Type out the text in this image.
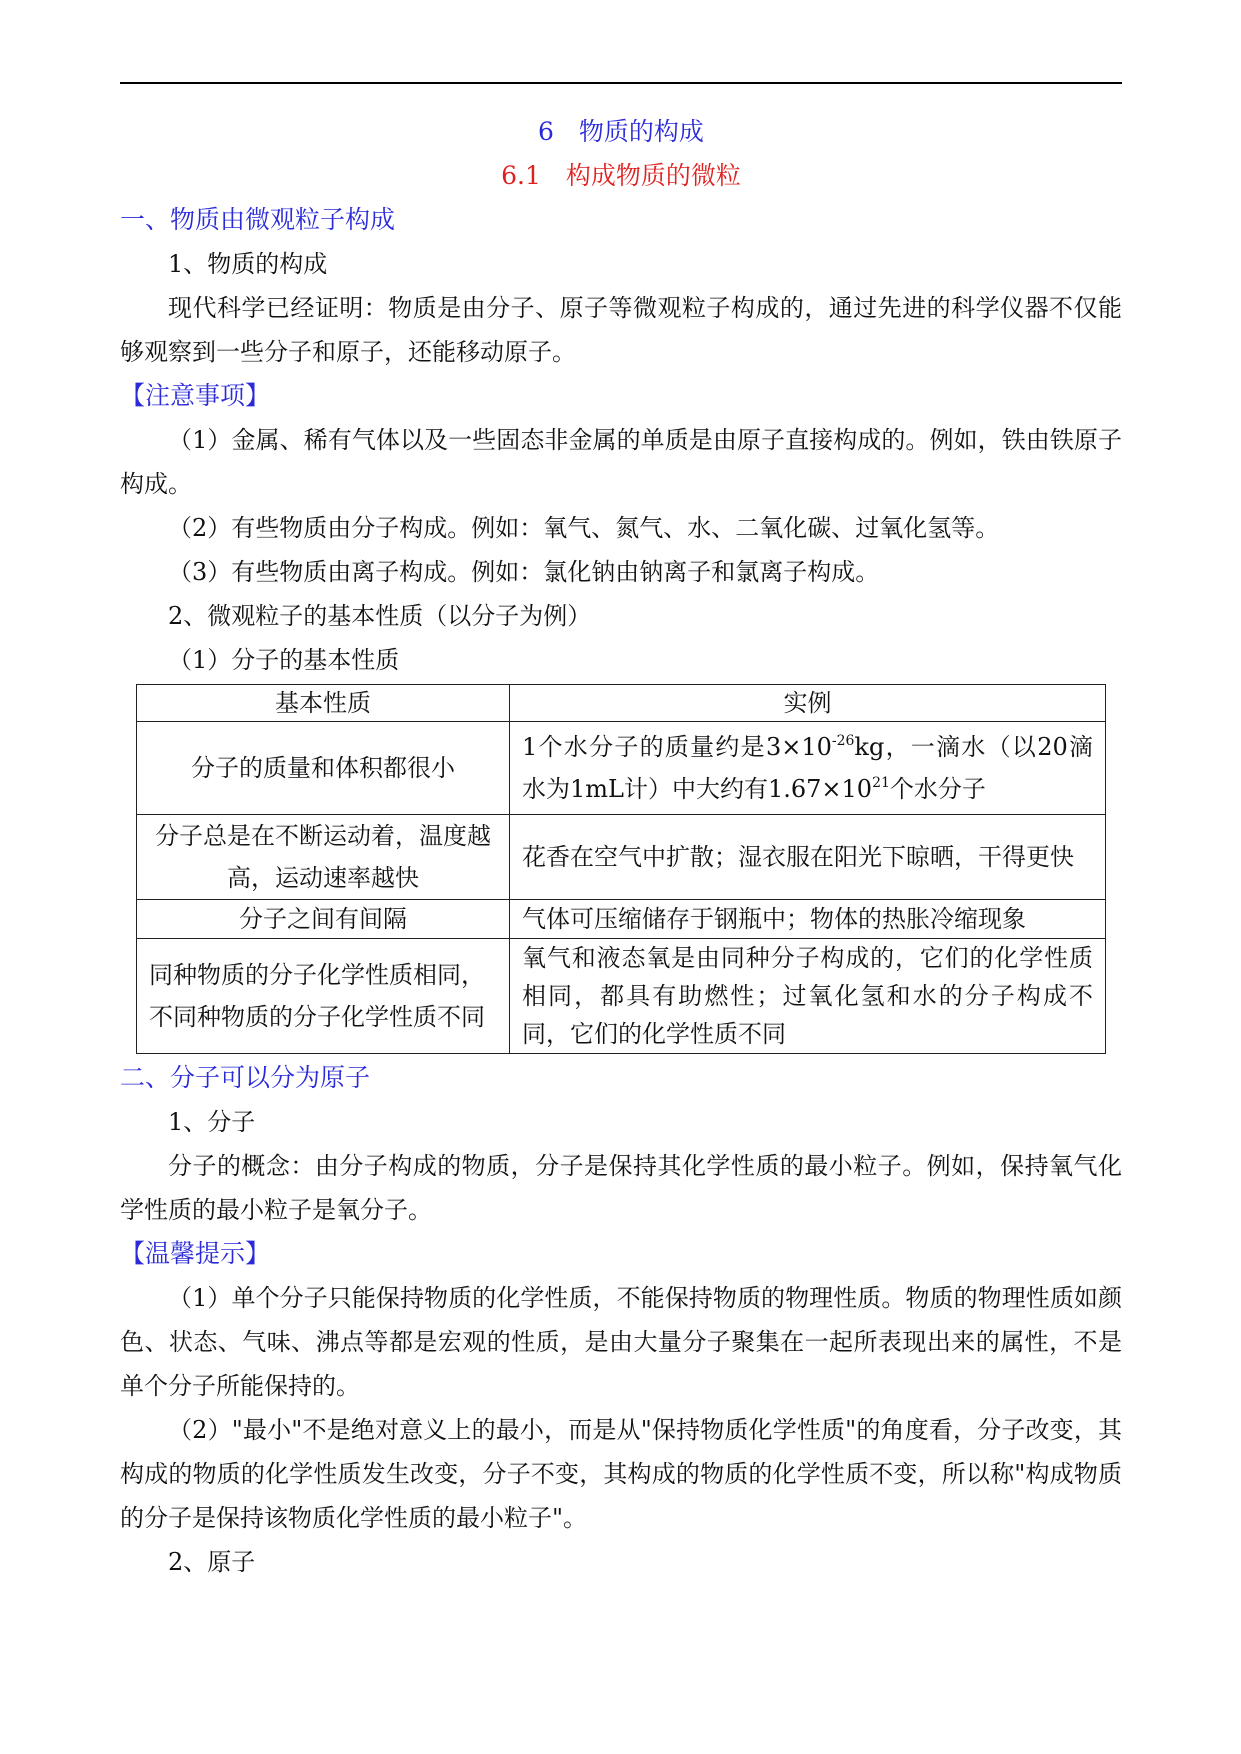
6　物质的构成
6.1　构成物质的微粒
一、物质由微观粒子构成

1、物质的构成

现代科学已经证明：物质是由分子、原子等微观粒子构成的，通过先进的科学仪器不仅能够观察到一些分子和原子，还能移动原子。

【注意事项】

（1）金属、稀有气体以及一些固态非金属的单质是由原子直接构成的。例如，铁由铁原子构成。

（2）有些物质由分子构成。例如：氧气、氮气、水、二氧化碳、过氧化氢等。

（3）有些物质由离子构成。例如：氯化钠由钠离子和氯离子构成。

2、微观粒子的基本性质（以分子为例）

（1）分子的基本性质

基本性质	实例
分子的质量和体积都很小	1个水分子的质量约是$3\times 10^{-26}kg$，一滴水（以20滴水为1mL计）中大约有$1.67\times 10^{21}$个水分子
分子总是在不断运动着，温度越高，运动速率越快	花香在空气中扩散；湿衣服在阳光下晾晒，干得更快
分子之间有间隔	气体可压缩储存于钢瓶中；物体的热胀冷缩现象

同种物质的分子化学性质相同，
不同种物质的分子化学性质不同	氧气和液态氧是由同种分子构成的，它们的化学性质相同，都具有助燃性；过氧化氢和水的分子构成不同，它们的化学性质不同
二、分子可以分为原子

1、分子

分子的概念：由分子构成的物质，分子是保持其化学性质的最小粒子。例如，保持氧气化学性质的最小粒子是氧分子。

【温馨提示】

（1）单个分子只能保持物质的化学性质，不能保持物质的物理性质。物质的物理性质如颜色、状态、气味、沸点等都是宏观的性质，是由大量分子聚集在一起所表现出来的属性，不是单个分子所能保持的。

（2）"最小"不是绝对意义上的最小，而是从"保持物质化学性质"的角度看，分子改变，其构成的物质的化学性质发生改变，分子不变，其构成的物质的化学性质不变，所以称"构成物质的分子是保持该物质化学性质的最小粒子"。

2、原子
